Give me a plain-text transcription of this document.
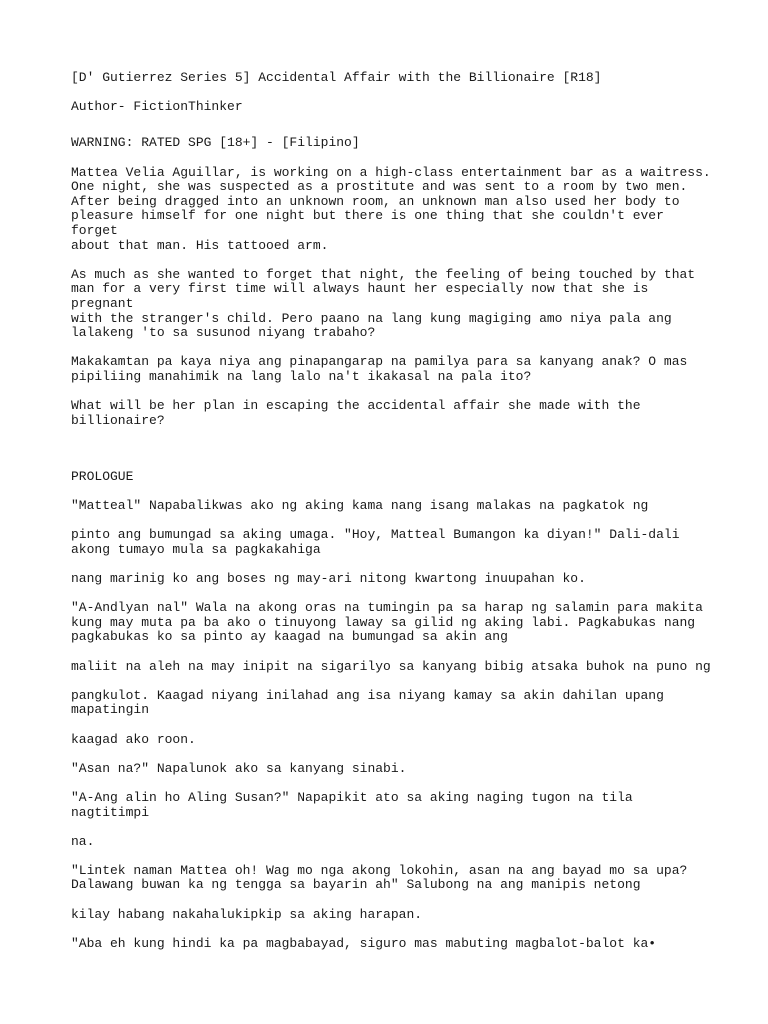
[D' Gutierrez Series 5] Accidental Affair with the Billionaire [R18]

Author- FictionThinker

WARNING: RATED SPG [18+] - [Filipino]

Mattea Velia Aguillar, is working on a high-class entertainment bar as a waitress.
One night, she was suspected as a prostitute and was sent to a room by two men.
After being dragged into an unknown room, an unknown man also used her body to
pleasure himself for one night but there is one thing that she couldn't ever forget
about that man. His tattooed arm.

As much as she wanted to forget that night, the feeling of being touched by that
man for a very first time will always haunt her especially now that she is pregnant
with the stranger's child. Pero paano na lang kung magiging amo niya pala ang
lalakeng 'to sa susunod niyang trabaho?

Makakamtan pa kaya niya ang pinapangarap na pamilya para sa kanyang anak? O mas
pipiliing manahimik na lang lalo na't ikakasal na pala ito?

What will be her plan in escaping the accidental affair she made with the
billionaire?

PROLOGUE

"Matteal" Napabalikwas ako ng aking kama nang isang malakas na pagkatok ng

pinto ang bumungad sa aking umaga. "Hoy, Matteal Bumangon ka diyan!" Dali-dali
akong tumayo mula sa pagkakahiga

nang marinig ko ang boses ng may-ari nitong kwartong inuupahan ko.

"A-Andlyan nal" Wala na akong oras na tumingin pa sa harap ng salamin para makita
kung may muta pa ba ako o tinuyong laway sa gilid ng aking labi. Pagkabukas nang
pagkabukas ko sa pinto ay kaagad na bumungad sa akin ang

maliit na aleh na may inipit na sigarilyo sa kanyang bibig atsaka buhok na puno ng

pangkulot. Kaagad niyang inilahad ang isa niyang kamay sa akin dahilan upang
mapatingin

kaagad ako roon.

"Asan na?" Napalunok ako sa kanyang sinabi.

"A-Ang alin ho Aling Susan?" Napapikit ato sa aking naging tugon na tila nagtitimpi

na.

"Lintek naman Mattea oh! Wag mo nga akong lokohin, asan na ang bayad mo sa upa?
Dalawang buwan ka ng tengga sa bayarin ah" Salubong na ang manipis netong

kilay habang nakahalukipkip sa aking harapan.

"Aba eh kung hindi ka pa magbabayad, siguro mas mabuting magbalot-balot ka•
